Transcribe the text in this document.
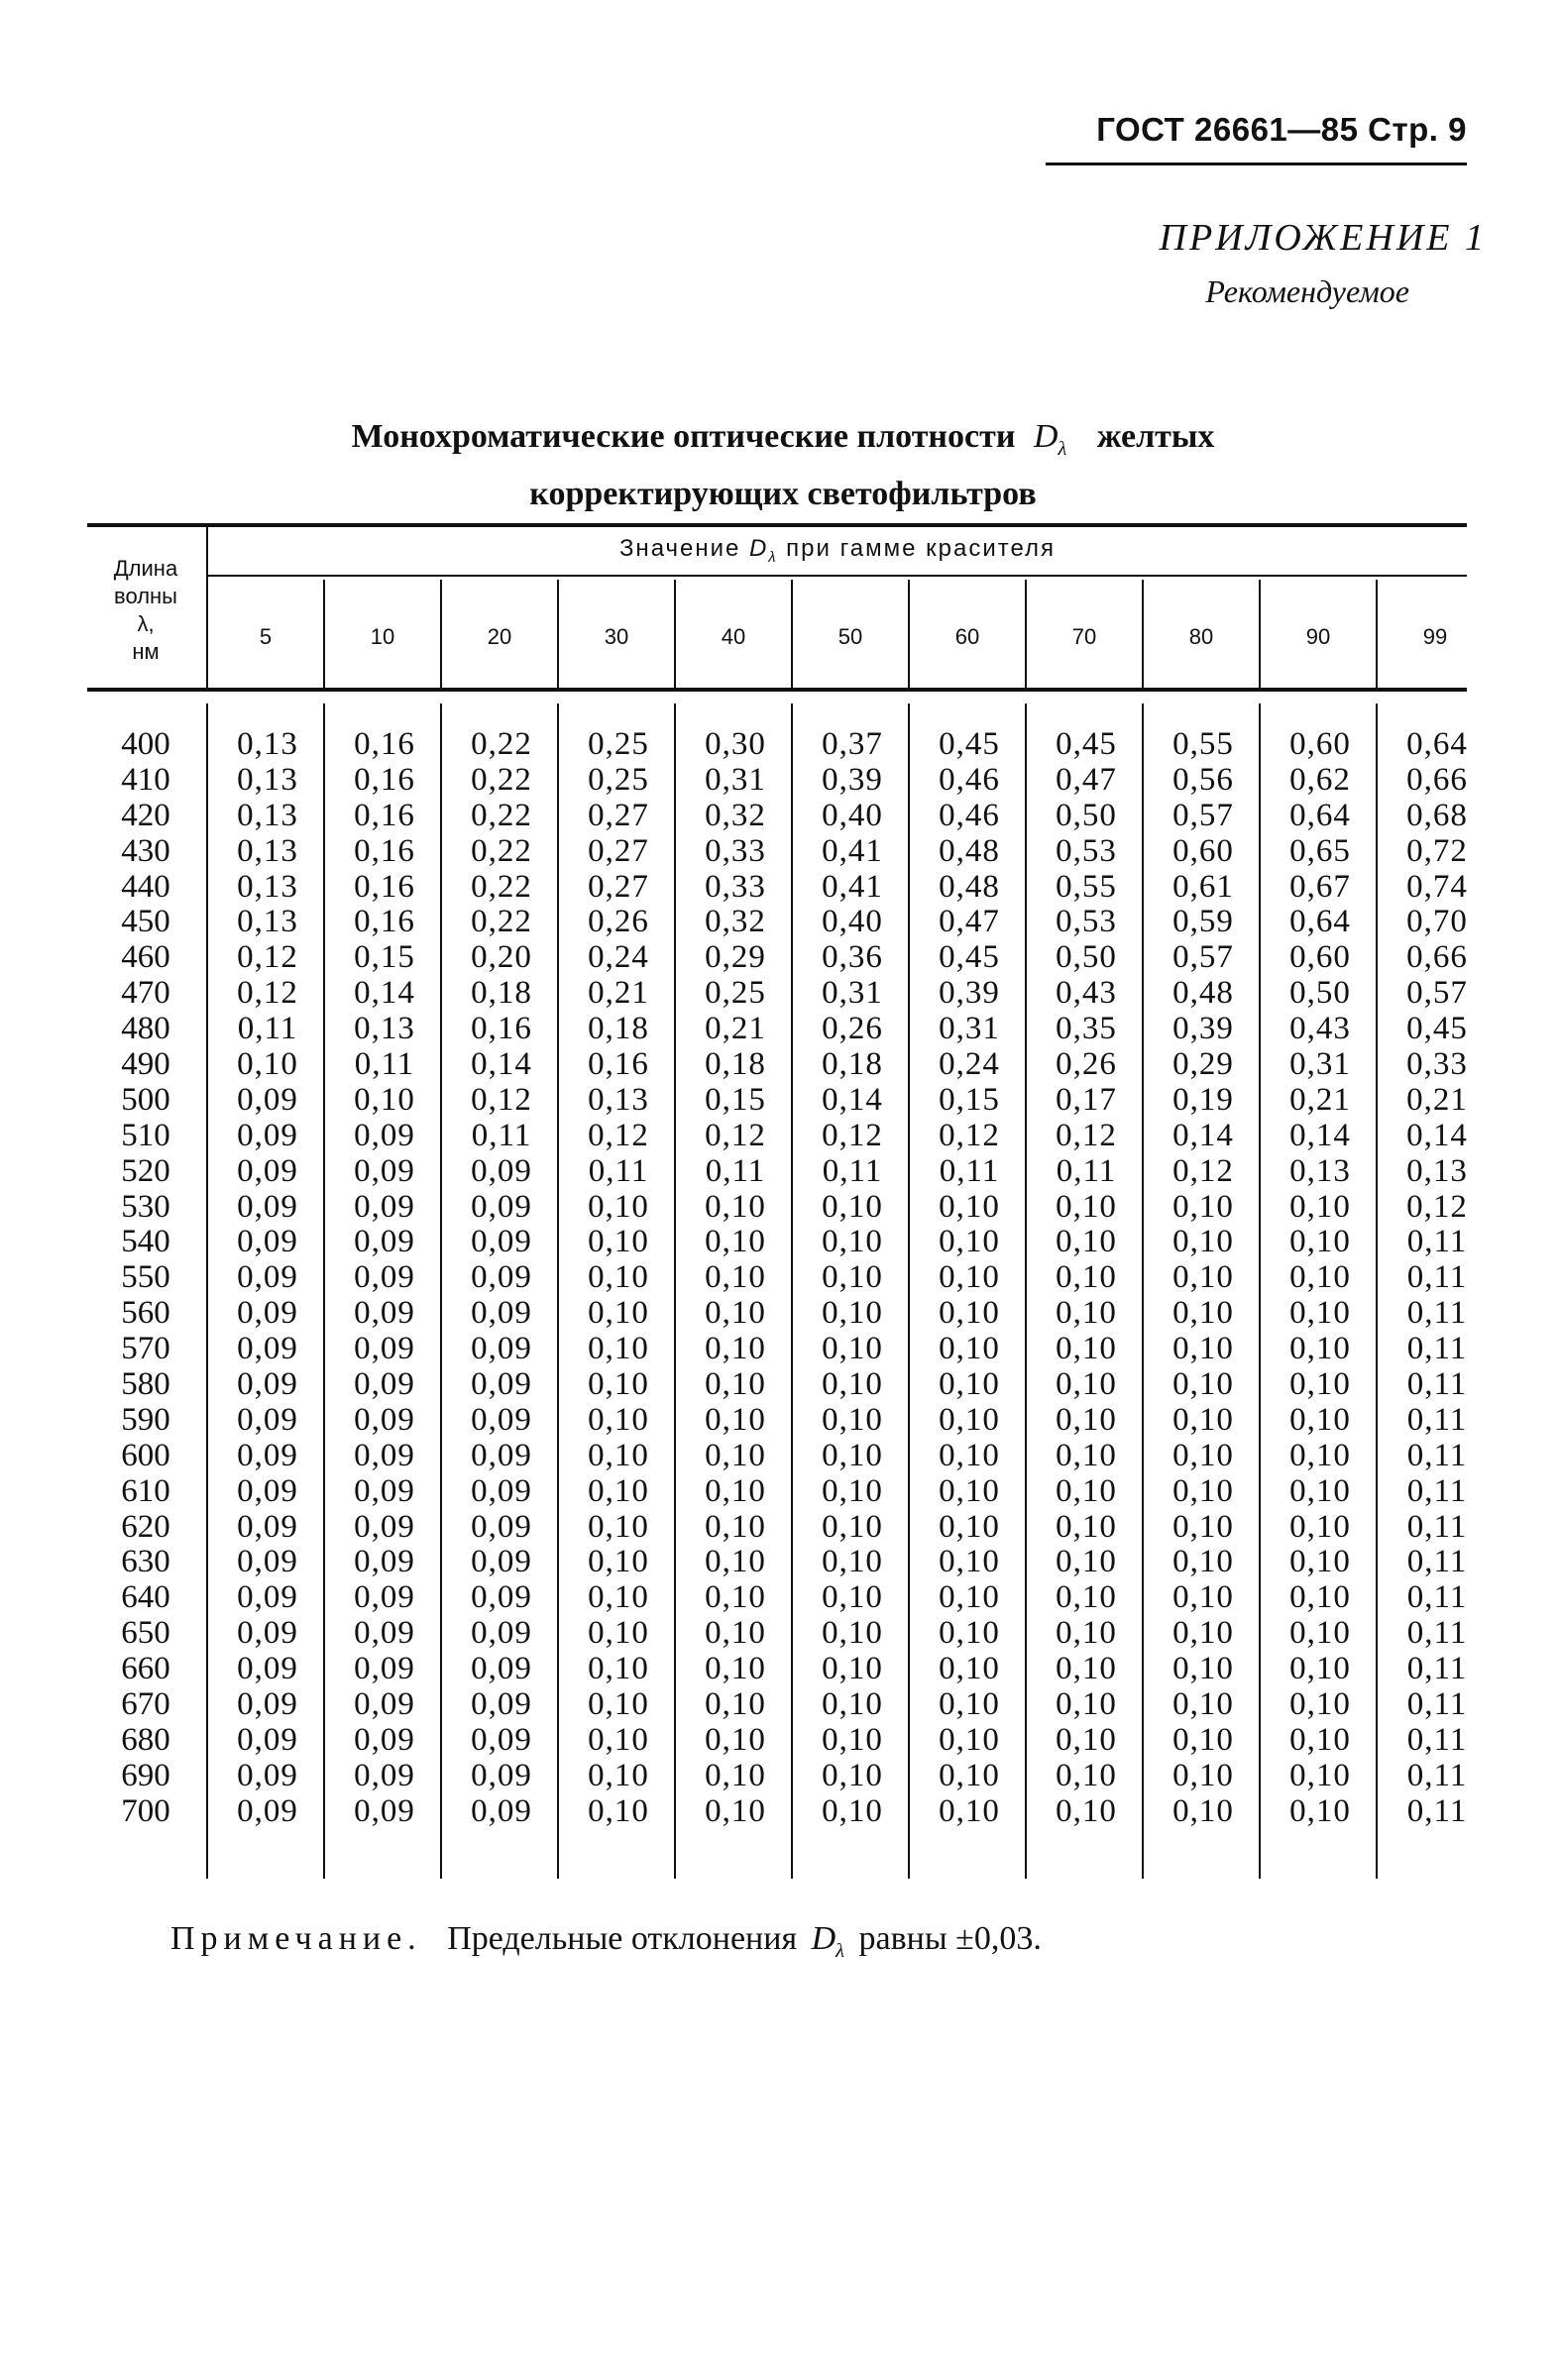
ГОСТ 26661—85 Стр. 9
ПРИЛОЖЕНИЕ 1
Рекомендуемое
Монохроматические оптические плотности $D_\lambda$ желтых
корректирующих светофильтров
Длина
волны
λ,
нм
Значение $D_\lambda$ при гамме красителя
5	10	20	30	40	50	60	70	80	90	99
400	0,13	0,16	0,22	0,25	0,30	0,37	0,45	0,45	0,55	0,60	0,64
410	0,13	0,16	0,22	0,25	0,31	0,39	0,46	0,47	0,56	0,62	0,66
420	0,13	0,16	0,22	0,27	0,32	0,40	0,46	0,50	0,57	0,64	0,68
430	0,13	0,16	0,22	0,27	0,33	0,41	0,48	0,53	0,60	0,65	0,72
440	0,13	0,16	0,22	0,27	0,33	0,41	0,48	0,55	0,61	0,67	0,74
450	0,13	0,16	0,22	0,26	0,32	0,40	0,47	0,53	0,59	0,64	0,70
460	0,12	0,15	0,20	0,24	0,29	0,36	0,45	0,50	0,57	0,60	0,66
470	0,12	0,14	0,18	0,21	0,25	0,31	0,39	0,43	0,48	0,50	0,57
480	0,11	0,13	0,16	0,18	0,21	0,26	0,31	0,35	0,39	0,43	0,45
490	0,10	0,11	0,14	0,16	0,18	0,18	0,24	0,26	0,29	0,31	0,33
500	0,09	0,10	0,12	0,13	0,15	0,14	0,15	0,17	0,19	0,21	0,21
510	0,09	0,09	0,11	0,12	0,12	0,12	0,12	0,12	0,14	0,14	0,14
520	0,09	0,09	0,09	0,11	0,11	0,11	0,11	0,11	0,12	0,13	0,13
530	0,09	0,09	0,09	0,10	0,10	0,10	0,10	0,10	0,10	0,10	0,12
540	0,09	0,09	0,09	0,10	0,10	0,10	0,10	0,10	0,10	0,10	0,11
550	0,09	0,09	0,09	0,10	0,10	0,10	0,10	0,10	0,10	0,10	0,11
560	0,09	0,09	0,09	0,10	0,10	0,10	0,10	0,10	0,10	0,10	0,11
570	0,09	0,09	0,09	0,10	0,10	0,10	0,10	0,10	0,10	0,10	0,11
580	0,09	0,09	0,09	0,10	0,10	0,10	0,10	0,10	0,10	0,10	0,11
590	0,09	0,09	0,09	0,10	0,10	0,10	0,10	0,10	0,10	0,10	0,11
600	0,09	0,09	0,09	0,10	0,10	0,10	0,10	0,10	0,10	0,10	0,11
610	0,09	0,09	0,09	0,10	0,10	0,10	0,10	0,10	0,10	0,10	0,11
620	0,09	0,09	0,09	0,10	0,10	0,10	0,10	0,10	0,10	0,10	0,11
630	0,09	0,09	0,09	0,10	0,10	0,10	0,10	0,10	0,10	0,10	0,11
640	0,09	0,09	0,09	0,10	0,10	0,10	0,10	0,10	0,10	0,10	0,11
650	0,09	0,09	0,09	0,10	0,10	0,10	0,10	0,10	0,10	0,10	0,11
660	0,09	0,09	0,09	0,10	0,10	0,10	0,10	0,10	0,10	0,10	0,11
670	0,09	0,09	0,09	0,10	0,10	0,10	0,10	0,10	0,10	0,10	0,11
680	0,09	0,09	0,09	0,10	0,10	0,10	0,10	0,10	0,10	0,10	0,11
690	0,09	0,09	0,09	0,10	0,10	0,10	0,10	0,10	0,10	0,10	0,11
700	0,09	0,09	0,09	0,10	0,10	0,10	0,10	0,10	0,10	0,10	0,11
Примечание. Предельные отклонения $D_\lambda$ равны ±0,03.
